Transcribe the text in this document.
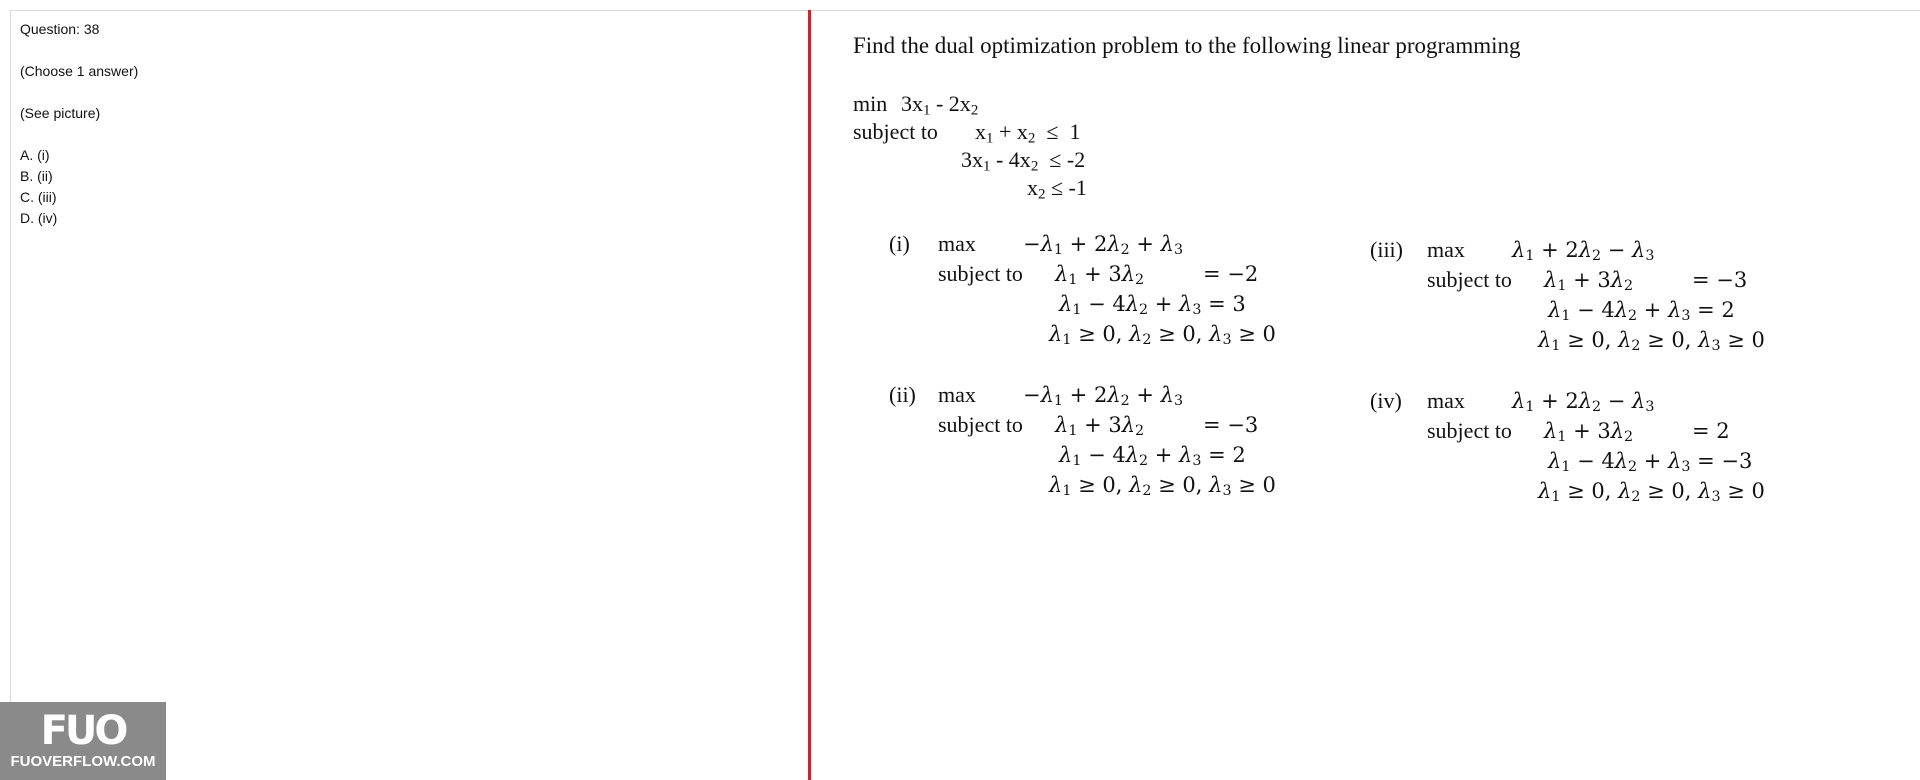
Question: 38
(Choose 1 answer)
(See picture)
A. (i)
B. (ii)
C. (iii)
D. (iv)
Find the dual optimization problem to the following linear programming
$\min 3x_1 - 2x_2$
subject to $x_1 + x_2 \le 1$
$3x_1 - 4x_2 \le -2$
$x_2 \le -1$
(i) $\max -\lambda_1 + 2\lambda_2 + \lambda_3$
subject to $\lambda_1 + 3\lambda_2$	= −2
$\lambda_1 - 4\lambda_2 + \lambda_3 = 3$
$\lambda_1 \ge 0$, $\lambda_2 \ge 0$, $\lambda_3 \ge 0$
(ii) $\max -\lambda_1 + 2\lambda_2 + \lambda_3$
subject to $\lambda_1 + 3\lambda_2$	= −3
$\lambda_1 - 4\lambda_2 + \lambda_3 = 2$
$\lambda_1 \ge 0$, $\lambda_2 \ge 0$, $\lambda_3 \ge 0$
(iii) $\max \lambda_1 + 2\lambda_2 - \lambda_3$
subject to $\lambda_1 + 3\lambda_2$	= −3
$\lambda_1 - 4\lambda_2 + \lambda_3 = 2$
$\lambda_1 \ge 0$, $\lambda_2 \ge 0$, $\lambda_3 \ge 0$
(iv) $\max \lambda_1 + 2\lambda_2 - \lambda_3$
subject to $\lambda_1 + 3\lambda_2$	= 2
$\lambda_1 - 4\lambda_2 + \lambda_3 = -3$
$\lambda_1 \ge 0$, $\lambda_2 \ge 0$, $\lambda_3 \ge 0$
FUO
FUOVERFLOW.COM
